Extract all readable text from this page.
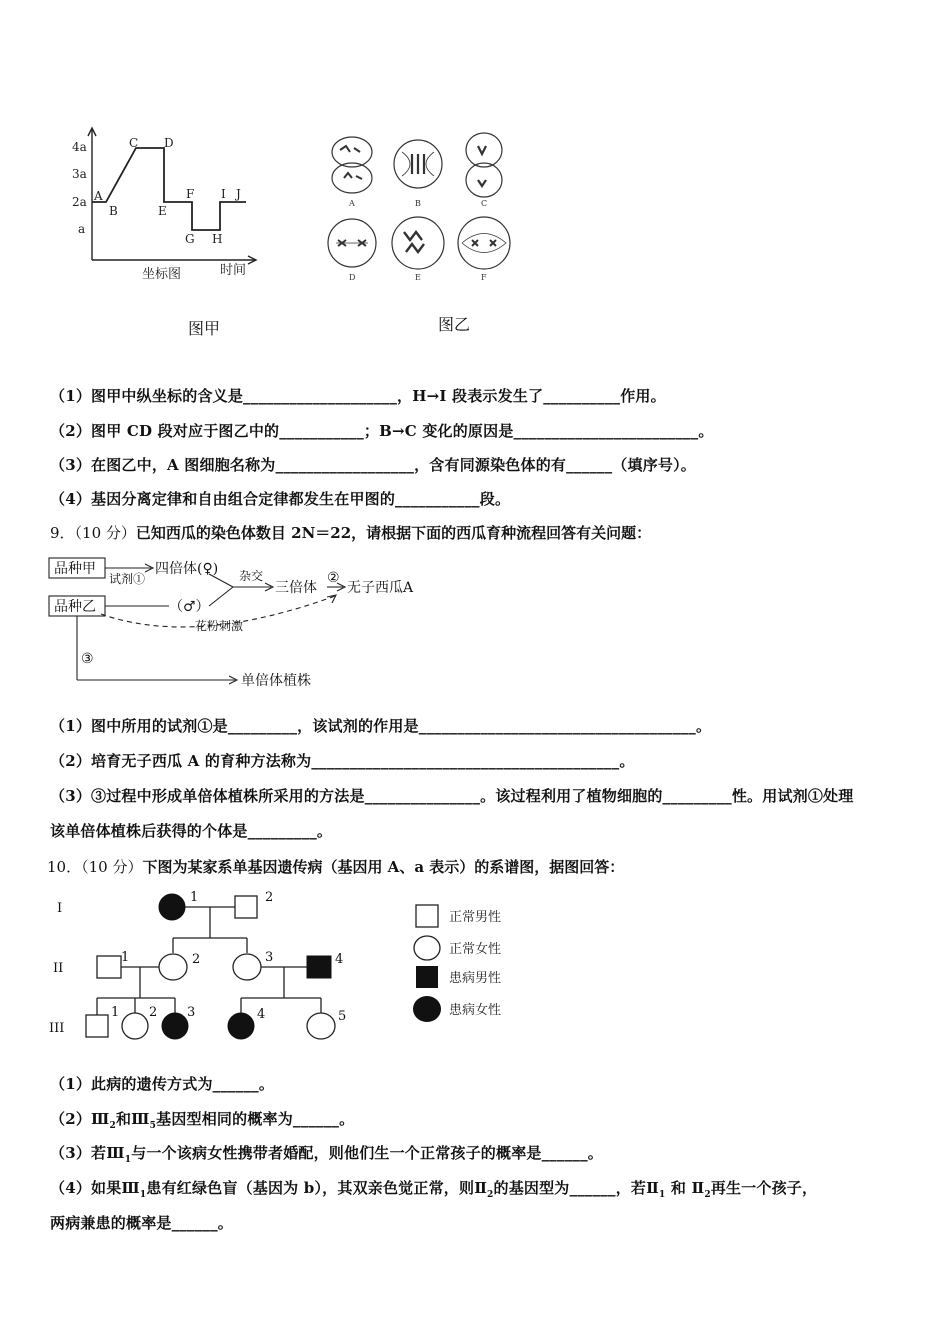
4a
3a
2a
a
A
B
C D
E
F
G H
I J
时间
坐标图
图甲
A	B	C
D	E	F
图乙
（1）图甲中纵坐标的含义是____________________，H→I 段表示发生了__________作用。
（2）图甲 CD 段对应于图乙中的___________；B→C 变化的原因是________________________。
（3）在图乙中，A 图细胞名称为__________________，含有同源染色体的有______（填序号）。
（4）基因分离定律和自由组合定律都发生在甲图的___________段。
9．（10 分）已知西瓜的染色体数目 2N＝22，请根据下面的西瓜育种流程回答有关问题：
品种甲
品种乙
试剂①
四倍体(♀)
（♂）
杂交
三倍体
②
无子西瓜A
花粉刺激
③
单倍体植株
（1）图中所用的试剂①是_________，该试剂的作用是____________________________________。
（2）培育无子西瓜 A 的育种方法称为________________________________________。
（3）③过程中形成单倍体植株所采用的方法是_______________。该过程利用了植物细胞的_________性。用试剂①处理
该单倍体植株后获得的个体是_________。
10．（10 分）下图为某家系单基因遗传病（基因用 A、a 表示）的系谱图，据图回答：
I
II
III
1	2
1	2	3	4
1 2 3	4	5
正常男性
正常女性
患病男性
患病女性
（1）此病的遗传方式为______。
$(2)Ⅲ_2$和$Ⅲ_5$基因型相同的概率为______。
（3）若$Ⅲ_1$与一个该病女性携带者婚配，则他们生一个正常孩子的概率是______。
（4）如果$Ⅲ_1$患有红绿色盲（基因为 b），其双亲色觉正常，则$Ⅱ_2$的基因型为______，若$Ⅱ_1$ 和 $Ⅱ_2$再生一个孩子，
两病兼患的概率是______。
